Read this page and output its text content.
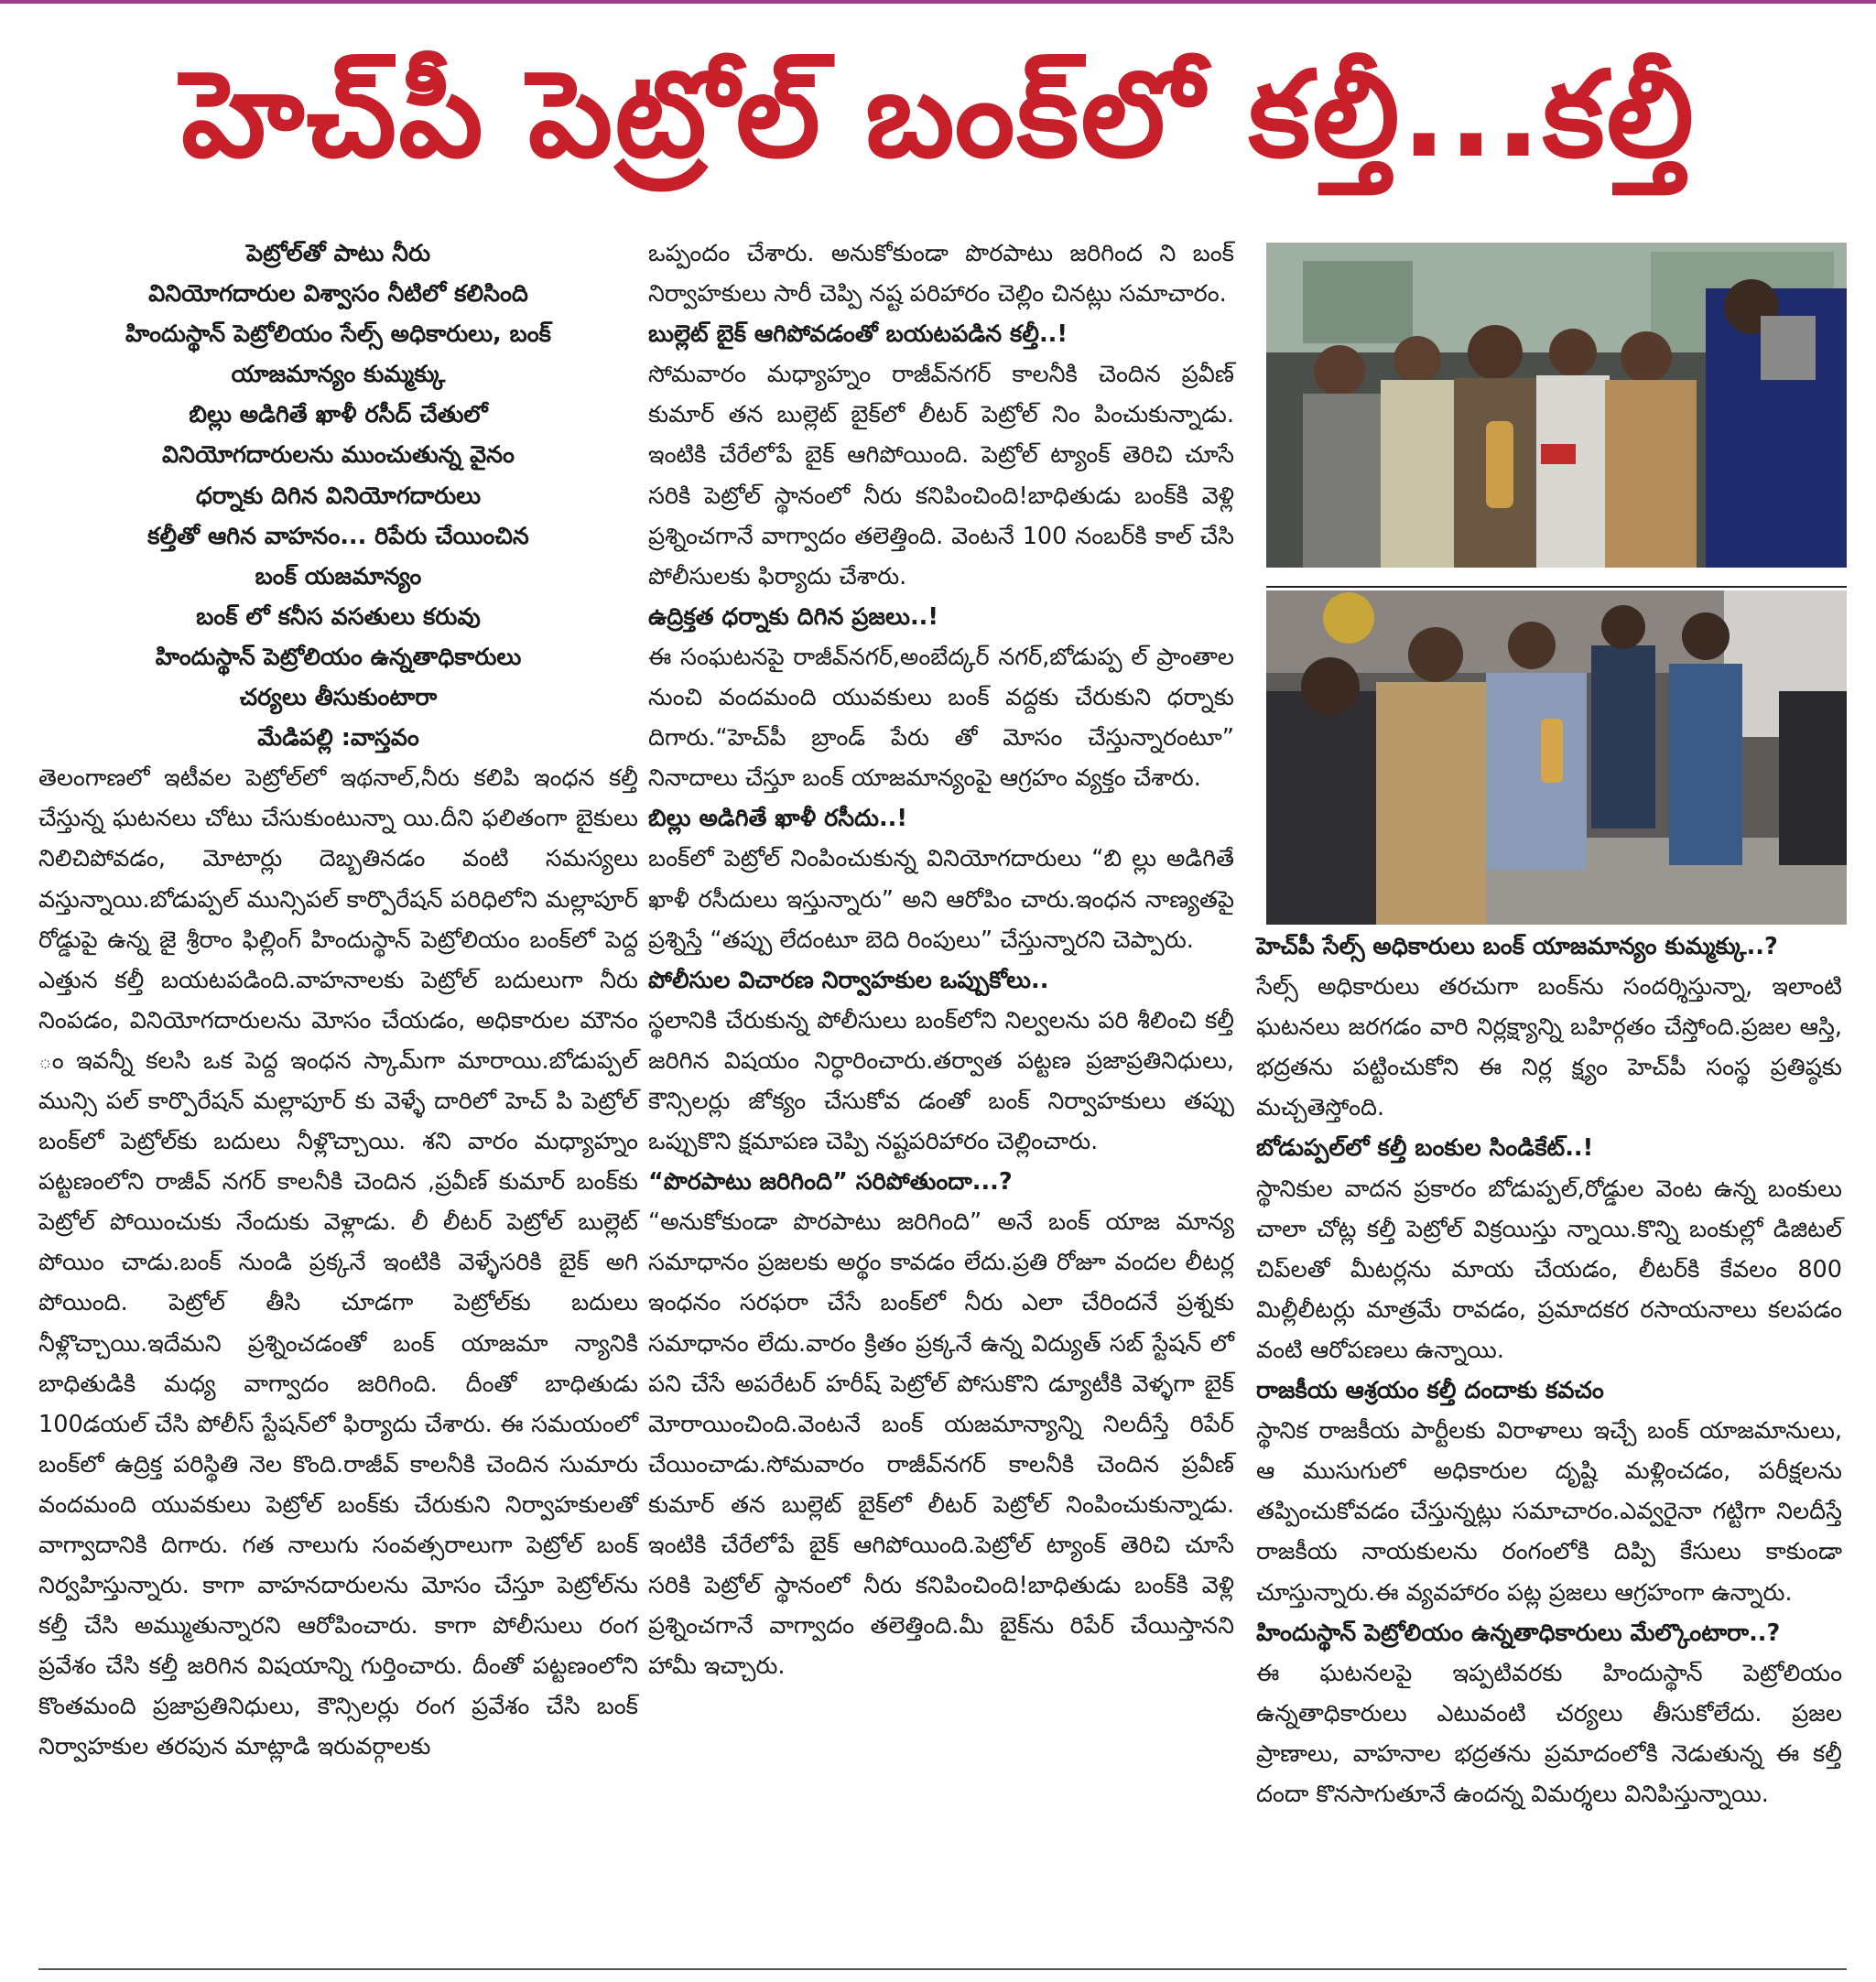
హెచ్‌పీ పెట్రోల్ బంక్‌లో కల్తీ...కల్తీ

పెట్రోల్‌తో పాటు నీరు

వినియోగదారుల విశ్వాసం నీటిలో కలిసింది

హిందుస్థాన్ పెట్రోలియం సేల్స్ అధికారులు, బంక్

యాజమాన్యం కుమ్మక్కు

బిల్లు అడిగితే ఖాళీ రసీద్ చేతులో

వినియోగదారులను ముంచుతున్న వైనం

ధర్నాకు దిగిన వినియోగదారులు

కల్తీతో ఆగిన వాహనం... రిపేరు చేయించిన

బంక్ యజమాన్యం

బంక్ లో కనీస వసతులు కరువు

హిందుస్థాన్ పెట్రోలియం ఉన్నతాధికారులు

చర్యలు తీసుకుంటారా

మేడిపల్లి :వాస్తవం

తెలంగాణలో ఇటీవల పెట్రోల్‌లో ఇథనాల్,నీరు కలిపి ఇంధన కల్తీ చేస్తున్న ఘటనలు చోటు చేసుకుంటున్నా యి.దీని ఫలితంగా బైకులు నిలిచిపోవడం, మోటార్లు దెబ్బతినడం వంటి సమస్యలు వస్తున్నాయి.బోడుప్పల్ మున్సిపల్ కార్పొరేషన్ పరిధిలోని మల్లాపూర్ రోడ్డుపై ఉన్న జై శ్రీరాం ఫిల్లింగ్ హిందుస్థాన్ పెట్రోలియం బంక్‌లో పెద్ద ఎత్తున కల్తీ బయటపడింది.వాహనాలకు పెట్రోల్ బదులుగా నీరు నింపడం, వినియోగదారులను మోసం చేయడం, అధికారుల మౌనం ం ఇవన్నీ కలసి ఒక పెద్ద ఇంధన స్కామ్‌గా మారాయి.బోడుప్పల్ మున్సి పల్ కార్పొరేషన్ మల్లాపూర్ కు వెళ్ళే దారిలో హెచ్ పి పెట్రోల్ బంక్‌లో పెట్రోల్‌కు బదులు నీళ్లొచ్చాయి. శని వారం మధ్యాహ్నం పట్టణంలోని రాజీవ్ నగర్ కాలనీకి చెందిన ,ప్రవీణ్ కుమార్ బంక్‌కు పెట్రోల్ పోయించుకు నేందుకు వెళ్లాడు. లీ లీటర్ పెట్రోల్ బుల్లెట్ పోయిం చాడు.బంక్ నుండి ప్రక్కనే ఇంటికి వెళ్ళేసరికి బైక్ అగి పోయింది. పెట్రోల్ తీసి చూడగా పెట్రోల్‌కు బదులు నీళ్లొచ్చాయి.ఇదేమని ప్రశ్నించడంతో బంక్ యాజమా న్యానికి బాధితుడికి మధ్య వాగ్వాదం జరిగింది. దీంతో బాధితుడు 100డయల్ చేసి పోలీస్ స్టేషన్‌లో ఫిర్యాదు చేశారు. ఈ సమయంలో బంక్‌లో ఉద్రిక్త పరిస్థితి నెల కొంది.రాజీవ్ కాలనీకి చెందిన సుమారు వందమంది యువకులు పెట్రోల్ బంక్‌కు చేరుకుని నిర్వాహకులతో వాగ్వాదానికి దిగారు. గత నాలుగు సంవత్సరాలుగా పెట్రోల్ బంక్ నిర్వహిస్తున్నారు. కాగా వాహనదారులను మోసం చేస్తూ పెట్రోల్‌ను కల్తీ చేసి అమ్ముతున్నారని ఆరోపించారు. కాగా పోలీసులు రంగ ప్రవేశం చేసి కల్తీ జరిగిన విషయాన్ని గుర్తించారు. దీంతో పట్టణంలోని కొంతమంది ప్రజాప్రతినిధులు, కౌన్సిలర్లు రంగ ప్రవేశం చేసి బంక్ నిర్వాహకుల తరపున మాట్లాడి ఇరువర్గాలకు

ఒప్పందం చేశారు. అనుకోకుండా పొరపాటు జరిగింద ని బంక్ నిర్వాహకులు సారీ చెప్పి నష్ట పరిహారం చెల్లిం చినట్లు సమాచారం.

బుల్లెట్ బైక్ ఆగిపోవడంతో బయటపడిన కల్తీ..!

సోమవారం మధ్యాహ్నం రాజీవ్‌నగర్ కాలనీకి చెందిన ప్రవీణ్ కుమార్ తన బుల్లెట్ బైక్‌లో లీటర్ పెట్రోల్ నిం పించుకున్నాడు. ఇంటికి చేరేలోపే బైక్ ఆగిపోయింది. పెట్రోల్ ట్యాంక్ తెరిచి చూసే సరికి పెట్రోల్ స్థానంలో నీరు కనిపించింది!బాధితుడు బంక్‌కి వెళ్లి ప్రశ్నించగానే వాగ్వాదం తలెత్తింది. వెంటనే 100 నంబర్‌కి కాల్ చేసి పోలీసులకు ఫిర్యాదు చేశారు.

ఉద్రిక్తత ధర్నాకు దిగిన ప్రజలు..!

ఈ సంఘటనపై రాజీవ్‌నగర్,అంబేద్కర్ నగర్,బోడుప్ప ల్ ప్రాంతాల నుంచి వందమంది యువకులు బంక్ వద్దకు చేరుకుని ధర్నాకు దిగారు.“హెచ్‌పీ బ్రాండ్ పేరు తో మోసం చేస్తున్నారంటూ” నినాదాలు చేస్తూ బంక్ యాజమాన్యంపై ఆగ్రహం వ్యక్తం చేశారు.

బిల్లు అడిగితే ఖాళీ రసీదు..!

బంక్‌లో పెట్రోల్ నింపించుకున్న వినియోగదారులు “బి ల్లు అడిగితే ఖాళీ రసీదులు ఇస్తున్నారు” అని ఆరోపిం చారు.ఇంధన నాణ్యతపై ప్రశ్నిస్తే “తప్పు లేదంటూ బెది రింపులు” చేస్తున్నారని చెప్పారు.

పోలీసుల విచారణ నిర్వాహకుల ఒప్పుకోలు..

స్థలానికి చేరుకున్న పోలీసులు బంక్‌లోని నిల్వలను పరి శీలించి కల్తీ జరిగిన విషయం నిర్ధారించారు.తర్వాత పట్టణ ప్రజాప్రతినిధులు, కౌన్సిలర్లు జోక్యం చేసుకోవ డంతో బంక్ నిర్వాహకులు తప్పు ఒప్పుకొని క్షమాపణ చెప్పి నష్టపరిహారం చెల్లించారు.

“పొరపాటు జరిగింది” సరిపోతుందా...?

“అనుకోకుండా పొరపాటు జరిగింది” అనే బంక్ యాజ మాన్య సమాధానం ప్రజలకు అర్థం కావడం లేదు.ప్రతి రోజూ వందల లీటర్ల ఇంధనం సరఫరా చేసే బంక్‌లో నీరు ఎలా చేరిందనే ప్రశ్నకు సమాధానం లేదు.వారం క్రితం ప్రక్కనే ఉన్న విద్యుత్ సబ్ స్టేషన్ లో పని చేసే అపరేటర్ హరీష్ పెట్రోల్ పోసుకొని డ్యూటీకి వెళ్ళగా బైక్ మోరాయించింది.వెంటనే బంక్ యజమాన్యాన్ని నిలదీస్తే రిపేర్ చేయించాడు.సోమవారం రాజీవ్‌నగర్ కాలనీకి చెందిన ప్రవీణ్ కుమార్ తన బుల్లెట్ బైక్‌లో లీటర్ పెట్రోల్ నింపించుకున్నాడు. ఇంటికి చేరేలోపే బైక్ ఆగిపోయింది.పెట్రోల్ ట్యాంక్ తెరిచి చూసే సరికి పెట్రోల్ స్థానంలో నీరు కనిపించింది!బాధితుడు బంక్‌కి వెళ్లి ప్రశ్నించగానే వాగ్వాదం తలెత్తింది.మీ బైక్‌ను రిపేర్ చేయిస్తానని హామీ ఇచ్చారు.

హెచ్‌పీ సేల్స్ అధికారులు బంక్ యాజమాన్యం కుమ్మక్కు..?

సేల్స్ అధికారులు తరచుగా బంక్‌ను సందర్శిస్తున్నా, ఇలాంటి ఘటనలు జరగడం వారి నిర్లక్ష్యాన్ని బహిర్గతం చేస్తోంది.ప్రజల ఆస్తి, భద్రతను పట్టించుకోని ఈ నిర్ల క్ష్యం హెచ్‌పీ సంస్థ ప్రతిష్ఠకు మచ్చతెస్తోంది.

బోడుప్పల్‌లో కల్తీ బంకుల సిండికేట్..!

స్థానికుల వాదన ప్రకారం బోడుప్పల్,రోడ్డుల వెంట ఉన్న బంకులు చాలా చోట్ల కల్తీ పెట్రోల్ విక్రయిస్తు న్నాయి.కొన్ని బంకుల్లో డిజిటల్ చిప్‌లతో మీటర్లను మాయ చేయడం, లీటర్‌కి కేవలం 800 మిల్లీలీటర్లు మాత్రమే రావడం, ప్రమాదకర రసాయనాలు కలపడం వంటి ఆరోపణలు ఉన్నాయి.

రాజకీయ ఆశ్రయం కల్తీ దందాకు కవచం

స్థానిక రాజకీయ పార్టీలకు విరాళాలు ఇచ్చే బంక్ యాజమానులు, ఆ ముసుగులో అధికారుల దృష్టి మళ్లించడం, పరీక్షలను తప్పించుకోవడం చేస్తున్నట్లు సమాచారం.ఎవ్వరైనా గట్టిగా నిలదీస్తే రాజకీయ నాయకులను రంగంలోకి దిప్పి కేసులు కాకుండా చూస్తున్నారు.ఈ వ్యవహారం పట్ల ప్రజలు ఆగ్రహంగా ఉన్నారు.

హిందుస్థాన్ పెట్రోలియం ఉన్నతాధికారులు మేల్కొంటారా..?

ఈ ఘటనలపై ఇప్పటివరకు హిందుస్థాన్ పెట్రోలియం ఉన్నతాధికారులు ఎటువంటి చర్యలు తీసుకోలేదు. ప్రజల ప్రాణాలు, వాహనాల భద్రతను ప్రమాదంలోకి నెడుతున్న ఈ కల్తీ దందా కొనసాగుతూనే ఉందన్న విమర్శలు వినిపిస్తున్నాయి.
